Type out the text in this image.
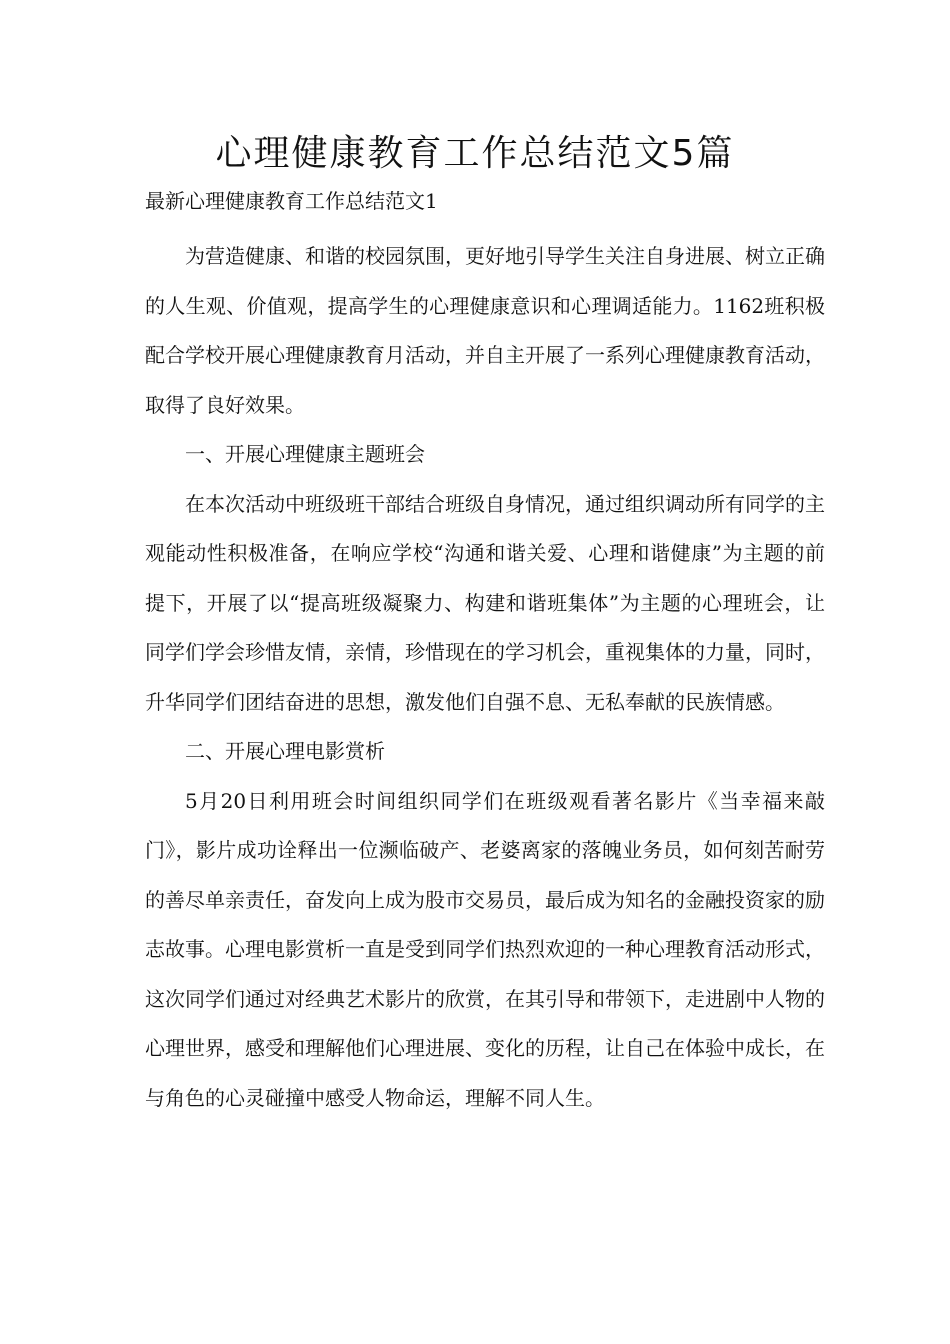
心理健康教育工作总结范文5篇

最新心理健康教育工作总结范文1

为营造健康、和谐的校园氛围，更好地引导学生关注自身进展、树立正确的人生观、价值观，提高学生的心理健康意识和心理调适能力。1162班积极配合学校开展心理健康教育月活动，并自主开展了一系列心理健康教育活动，取得了良好效果。

一、开展心理健康主题班会

在本次活动中班级班干部结合班级自身情况，通过组织调动所有同学的主观能动性积极准备，在响应学校“沟通和谐关爱、心理和谐健康”为主题的前提下，开展了以“提高班级凝聚力、构建和谐班集体”为主题的心理班会，让同学们学会珍惜友情，亲情，珍惜现在的学习机会，重视集体的力量，同时，升华同学们团结奋进的思想，激发他们自强不息、无私奉献的民族情感。

二、开展心理电影赏析

5月20日利用班会时间组织同学们在班级观看著名影片《当幸福来敲门》，影片成功诠释出一位濒临破产、老婆离家的落魄业务员，如何刻苦耐劳的善尽单亲责任，奋发向上成为股市交易员，最后成为知名的金融投资家的励志故事。心理电影赏析一直是受到同学们热烈欢迎的一种心理教育活动形式，这次同学们通过对经典艺术影片的欣赏，在其引导和带领下，走进剧中人物的心理世界，感受和理解他们心理进展、变化的历程，让自己在体验中成长，在与角色的心灵碰撞中感受人物命运，理解不同人生。
